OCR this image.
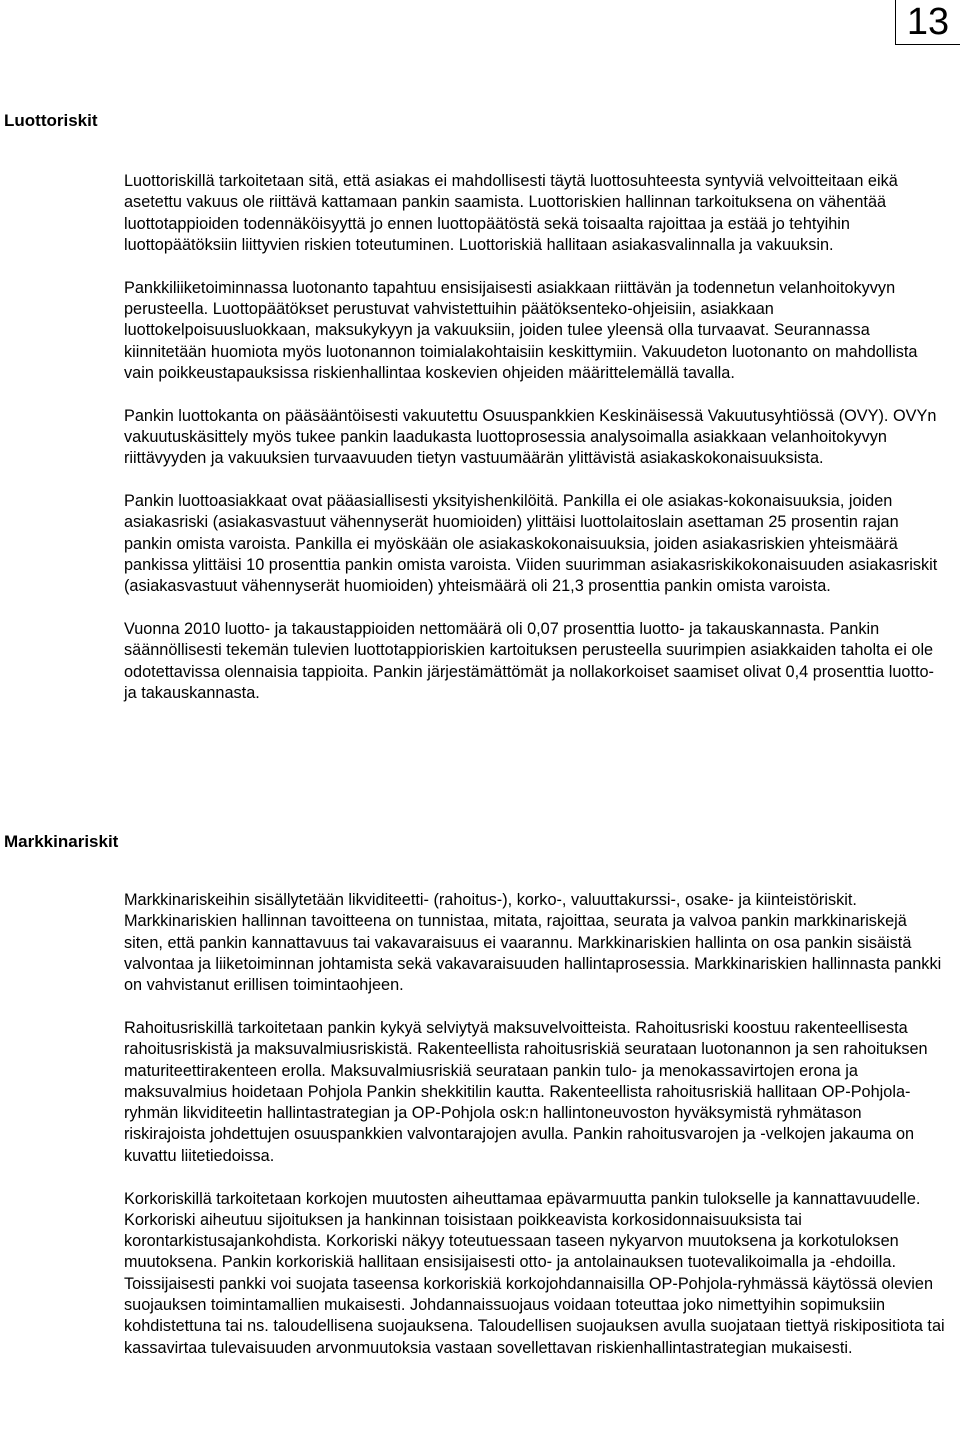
13
Luottoriskit

Luottoriskillä tarkoitetaan sitä, että asiakas ei mahdollisesti täytä luottosuhteesta syntyviä velvoitteitaan eikä asetettu vakuus ole riittävä kattamaan pankin saamista. Luottoriskien hallinnan tarkoituksena on vähentää luottotappioiden todennäköisyyttä jo ennen luottopäätöstä sekä toisaalta rajoittaa ja estää jo tehtyihin luottopäätöksiin liittyvien riskien toteutuminen. Luottoriskiä hallitaan asiakasvalinnalla ja vakuuksin.

Pankkiliiketoiminnassa luotonanto tapahtuu ensisijaisesti asiakkaan riittävän ja todennetun velanhoitokyvyn perusteella. Luottopäätökset perustuvat vahvistettuihin päätöksenteko-ohjeisiin, asiakkaan luottokelpoisuusluokkaan, maksukykyyn ja vakuuksiin, joiden tulee yleensä olla turvaavat. Seurannassa kiinnitetään huomiota myös luotonannon toimialakohtaisiin keskittymiin. Vakuudeton luotonanto on mahdollista vain poikkeustapauksissa riskienhallintaa koskevien ohjeiden määrittelemällä tavalla.

Pankin luottokanta on pääsääntöisesti vakuutettu Osuuspankkien Keskinäisessä Vakuutusyhtiössä (OVY). OVYn vakuutuskäsittely myös tukee pankin laadukasta luottoprosessia analysoimalla asiakkaan velanhoitokyvyn riittävyyden ja vakuuksien turvaavuuden tietyn vastuumäärän ylittävistä asiakaskokonaisuuksista.

Pankin luottoasiakkaat ovat pääasiallisesti yksityishenkilöitä. Pankilla ei ole asiakas-kokonaisuuksia, joiden asiakasriski (asiakasvastuut vähennyserät huomioiden) ylittäisi luottolaitoslain asettaman 25 prosentin rajan pankin omista varoista. Pankilla ei myöskään ole asiakaskokonaisuuksia, joiden asiakasriskien yhteismäärä pankissa ylittäisi 10 prosenttia pankin omista varoista. Viiden suurimman asiakasriskikokonaisuuden asiakasriskit (asiakasvastuut vähennyserät huomioiden) yhteismäärä oli 21,3 prosenttia pankin omista varoista.

Vuonna 2010 luotto- ja takaustappioiden nettomäärä oli 0,07 prosenttia luotto- ja takauskannasta. Pankin säännöllisesti tekemän tulevien luottotappioriskien kartoituksen perusteella suurimpien asiakkaiden taholta ei ole odotettavissa olennaisia tappioita. Pankin järjestämättömät ja nollakorkoiset saamiset olivat 0,4 prosenttia luotto- ja takauskannasta.

Markkinariskit

Markkinariskeihin sisällytetään likviditeetti- (rahoitus-), korko-, valuuttakurssi-, osake- ja kiinteistöriskit. Markkinariskien hallinnan tavoitteena on tunnistaa, mitata, rajoittaa, seurata ja valvoa pankin markkinariskejä siten, että pankin kannattavuus tai vakavaraisuus ei vaarannu. Markkinariskien hallinta on osa pankin sisäistä valvontaa ja liiketoiminnan johtamista sekä vakavaraisuuden hallintaprosessia. Markkinariskien hallinnasta pankki on vahvistanut erillisen toimintaohjeen.

Rahoitusriskillä tarkoitetaan pankin kykyä selviytyä maksuvelvoitteista. Rahoitusriski koostuu rakenteellisesta rahoitusriskistä ja maksuvalmiusriskistä. Rakenteellista rahoitusriskiä seurataan luotonannon ja sen rahoituksen maturiteettirakenteen erolla. Maksuvalmiusriskiä seurataan pankin tulo- ja menokassavirtojen erona ja maksuvalmius hoidetaan Pohjola Pankin shekkitilin kautta. Rakenteellista rahoitusriskiä hallitaan OP-Pohjola-ryhmän likviditeetin hallintastrategian ja OP-Pohjola osk:n hallintoneuvoston hyväksymistä ryhmätason riskirajoista johdettujen osuuspankkien valvontarajojen avulla. Pankin rahoitusvarojen ja -velkojen jakauma on kuvattu liitetiedoissa.

Korkoriskillä tarkoitetaan korkojen muutosten aiheuttamaa epävarmuutta pankin tulokselle ja kannattavuudelle. Korkoriski aiheutuu sijoituksen ja hankinnan toisistaan poikkeavista korkosidonnaisuuksista tai korontarkistusajankohdista. Korkoriski näkyy toteutuessaan taseen nykyarvon muutoksena ja korkotuloksen muutoksena. Pankin korkoriskiä hallitaan ensisijaisesti otto- ja antolainauksen tuotevalikoimalla ja -ehdoilla. Toissijaisesti pankki voi suojata taseensa korkoriskiä korkojohdannaisilla OP-Pohjola-ryhmässä käytössä olevien suojauksen toimintamallien mukaisesti. Johdannaissuojaus voidaan toteuttaa joko nimettyihin sopimuksiin kohdistettuna tai ns. taloudellisena suojauksena. Taloudellisen suojauksen avulla suojataan tiettyä riskipositiota tai kassavirtaa tulevaisuuden arvonmuutoksia vastaan sovellettavan riskienhallintastrategian mukaisesti.
